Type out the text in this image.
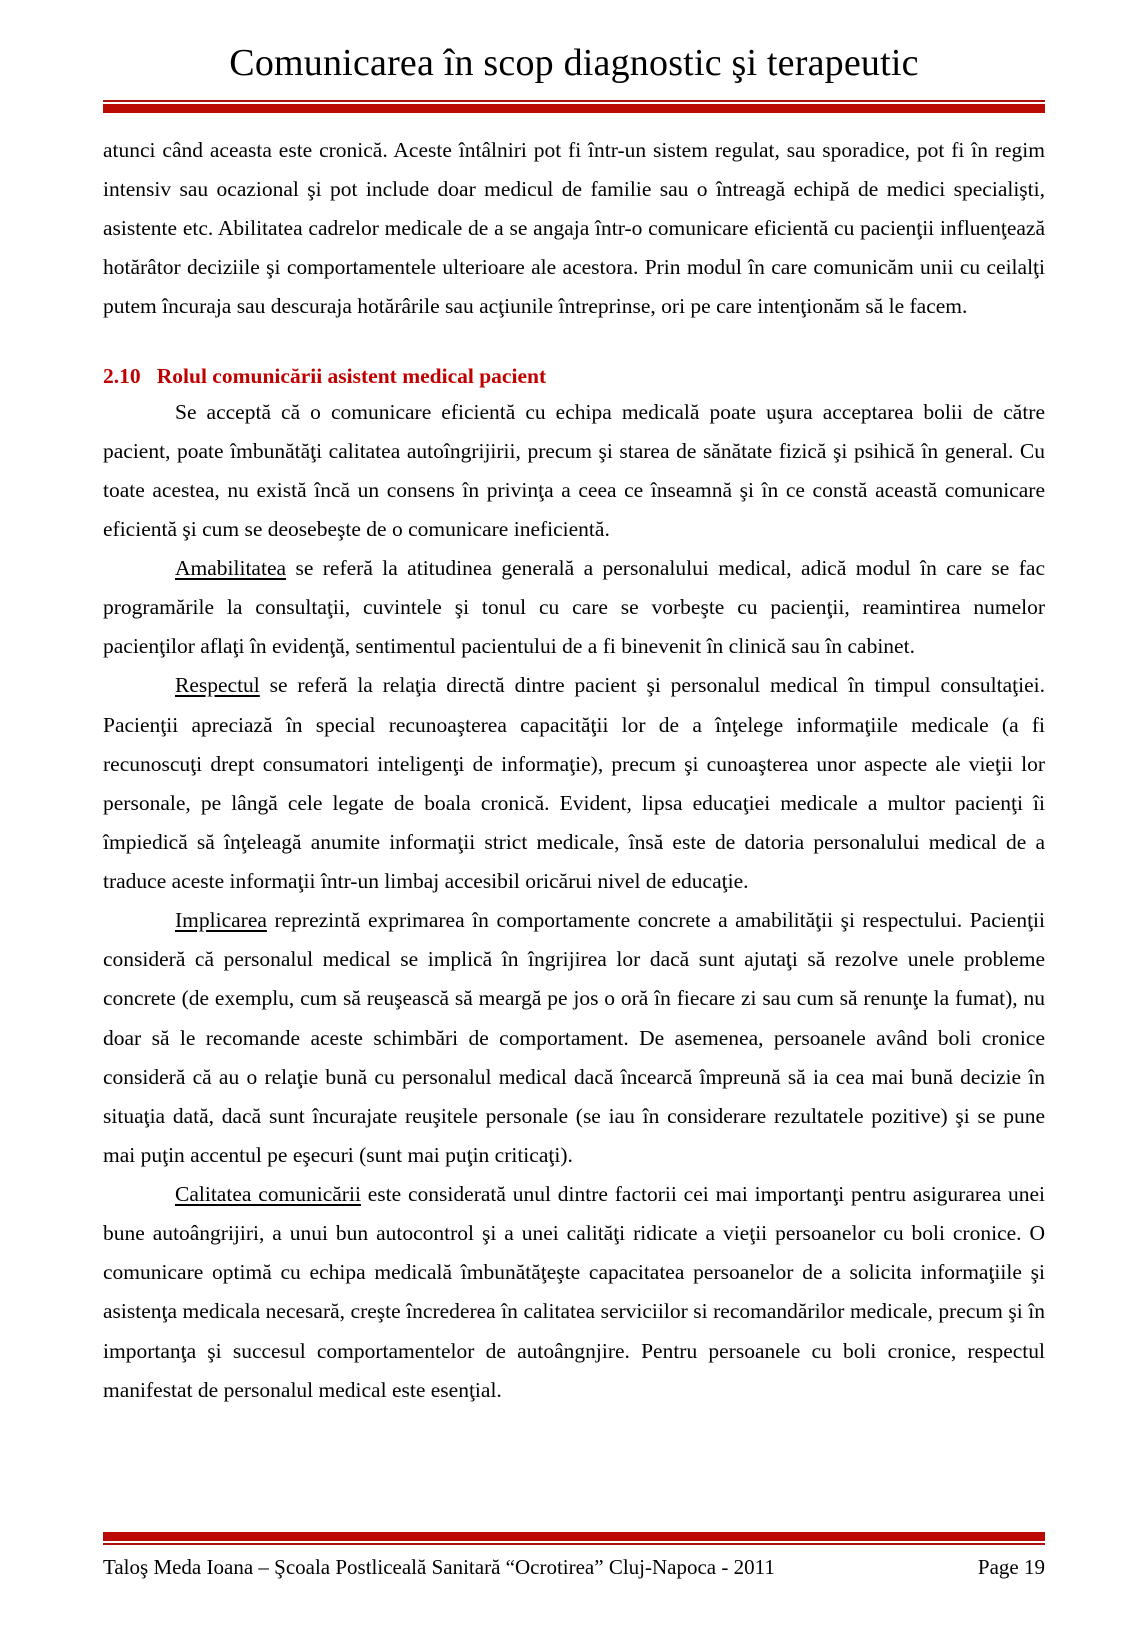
Comunicarea în scop diagnostic şi terapeutic

atunci când aceasta este cronică. Aceste întâlniri pot fi într-un sistem regulat, sau sporadice, pot fi în regim intensiv sau ocazional şi pot include doar medicul de familie sau o întreagă echipă de medici specialişti, asistente etc. Abilitatea cadrelor medicale de a se angaja într-o comunicare eficientă cu pacienţii influenţează hotărâtor deciziile şi comportamentele ulterioare ale acestora. Prin modul în care comunicăm unii cu ceilalţi putem încuraja sau descuraja hotărârile sau acţiunile întreprinse, ori pe care intenţionăm să le facem.

2.10 Rolul comunicării asistent medical pacient

Se acceptă că o comunicare eficientă cu echipa medicală poate uşura acceptarea bolii de către pacient, poate îmbunătăţi calitatea autoîngrijirii, precum şi starea de sănătate fizică şi psihică în general. Cu toate acestea, nu există încă un consens în privinţa a ceea ce înseamnă şi în ce constă această comunicare eficientă şi cum se deosebeşte de o comunicare ineficientă.

Amabilitatea se referă la atitudinea generală a personalului medical, adică modul în care se fac programările la consultaţii, cuvintele şi tonul cu care se vorbeşte cu pacienţii, reamintirea numelor pacienţilor aflaţi în evidenţă, sentimentul pacientului de a fi binevenit în clinică sau în cabinet.

Respectul se referă la relaţia directă dintre pacient şi personalul medical în timpul consultaţiei. Pacienţii apreciază în special recunoaşterea capacităţii lor de a înţelege informaţiile medicale (a fi recunoscuţi drept consumatori inteligenţi de informaţie), precum şi cunoaşterea unor aspecte ale vieţii lor personale, pe lângă cele legate de boala cronică. Evident, lipsa educaţiei medicale a multor pacienţi îi împiedică să înţeleagă anumite informaţii strict medicale, însă este de datoria personalului medical de a traduce aceste informaţii într-un limbaj accesibil oricărui nivel de educaţie.

Implicarea reprezintă exprimarea în comportamente concrete a amabilităţii şi respectului. Pacienţii consideră că personalul medical se implică în îngrijirea lor dacă sunt ajutaţi să rezolve unele probleme concrete (de exemplu, cum să reuşească să meargă pe jos o oră în fiecare zi sau cum să renunţe la fumat), nu doar să le recomande aceste schimbări de comportament. De asemenea, persoanele având boli cronice consideră că au o relaţie bună cu personalul medical dacă încearcă împreună să ia cea mai bună decizie în situaţia dată, dacă sunt încurajate reuşitele personale (se iau în considerare rezultatele pozitive) şi se pune mai puţin accentul pe eşecuri (sunt mai puţin criticaţi).

Calitatea comunicării este considerată unul dintre factorii cei mai importanţi pentru asigurarea unei bune autoângrijiri, a unui bun autocontrol şi a unei calităţi ridicate a vieţii persoanelor cu boli cronice. O comunicare optimă cu echipa medicală îmbunătăţeşte capacitatea persoanelor de a solicita informaţiile şi asistenţa medicala necesară, creşte încrederea în calitatea serviciilor si recomandărilor medicale, precum şi în importanţa şi succesul comportamentelor de autoângnjire. Pentru persoanele cu boli cronice, respectul manifestat de personalul medical este esenţial.

Taloş Meda Ioana – Şcoala Postliceală Sanitară “Ocrotirea” Cluj-Napoca - 2011	Page 19
